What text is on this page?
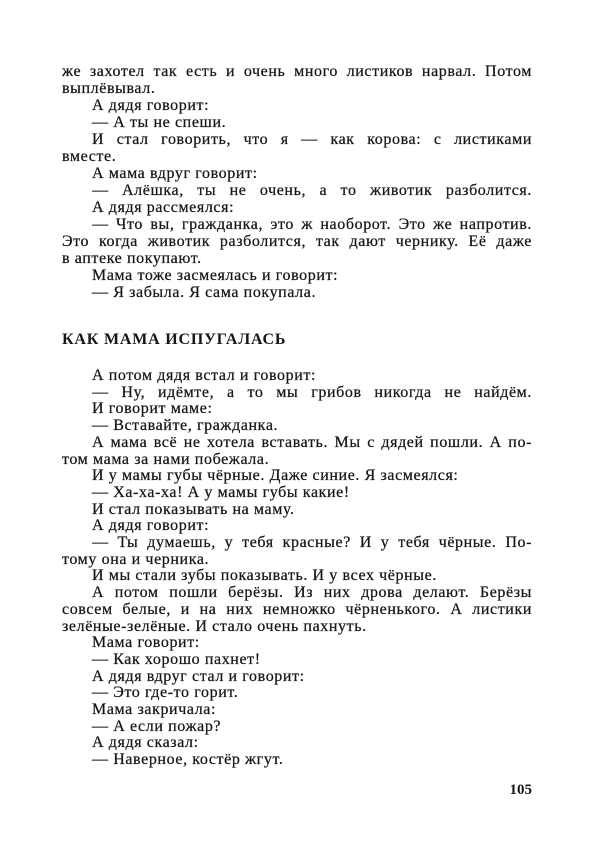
же захотел так есть и очень много листиков нарвал. Потом
выплёвывал.
А дядя говорит:
— А ты не спеши.
И стал говорить, что я — как корова: с листиками
вместе.
А мама вдруг говорит:
— Алёшка, ты не очень, а то животик разболится.
А дядя рассмеялся:
— Что вы, гражданка, это ж наоборот. Это же напротив.
Это когда животик разболится, так дают чернику. Её даже
в аптеке покупают.
Мама тоже засмеялась и говорит:
— Я забыла. Я сама покупала.
КАК МАМА ИСПУГАЛАСЬ
А потом дядя встал и говорит:
— Ну, идёмте, а то мы грибов никогда не найдём.
И говорит маме:
— Вставайте, гражданка.
А мама всё не хотела вставать. Мы с дядей пошли. А по-
том мама за нами побежала.
И у мамы губы чёрные. Даже синие. Я засмеялся:
— Ха-ха-ха! А у мамы губы какие!
И стал показывать на маму.
А дядя говорит:
— Ты думаешь, у тебя красные? И у тебя чёрные. По-
тому она и черника.
И мы стали зубы показывать. И у всех чёрные.
А потом пошли берёзы. Из них дрова делают. Берёзы
совсем белые, и на них немножко чёрненького. А листики
зелёные-зелёные. И стало очень пахнуть.
Мама говорит:
— Как хорошо пахнет!
А дядя вдруг стал и говорит:
— Это где-то горит.
Мама закричала:
— А если пожар?
А дядя сказал:
— Наверное, костёр жгут.
105
